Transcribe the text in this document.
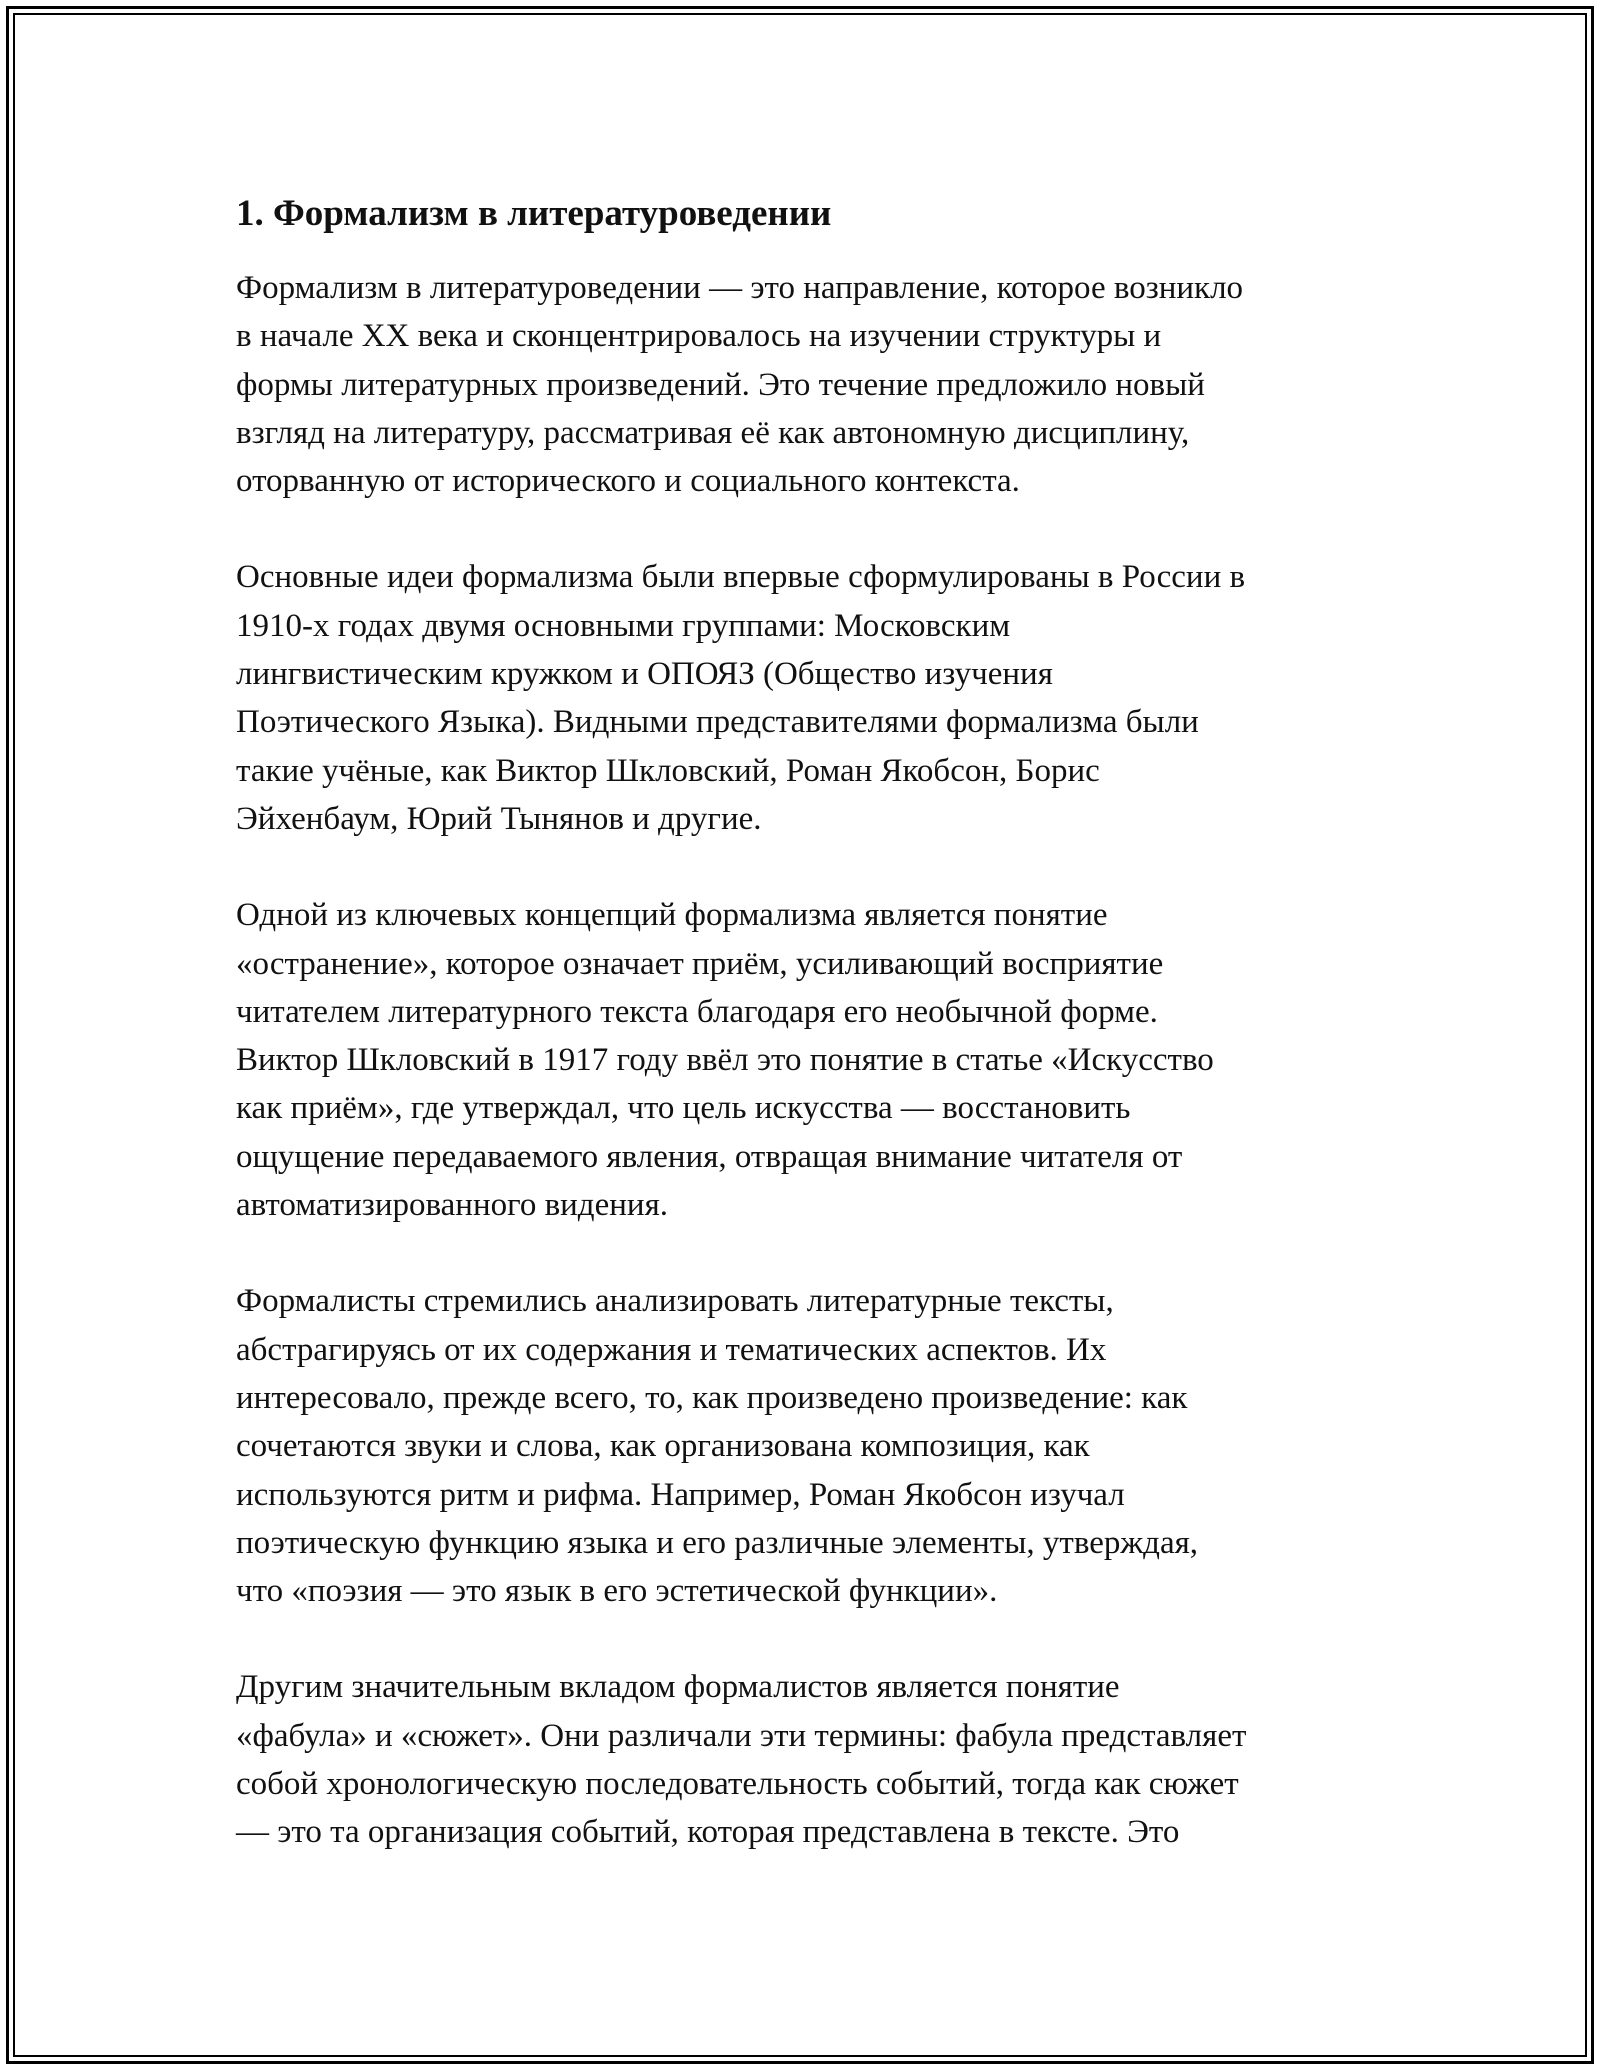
1. Формализм в литературоведении

Формализм в литературоведении — это направление, которое возникло
в начале XX века и сконцентрировалось на изучении структуры и
формы литературных произведений. Это течение предложило новый
взгляд на литературу, рассматривая её как автономную дисциплину,
оторванную от исторического и социального контекста.

Основные идеи формализма были впервые сформулированы в России в
1910-х годах двумя основными группами: Московским
лингвистическим кружком и ОПОЯЗ (Общество изучения
Поэтического Языка). Видными представителями формализма были
такие учёные, как Виктор Шкловский, Роман Якобсон, Борис
Эйхенбаум, Юрий Тынянов и другие.

Одной из ключевых концепций формализма является понятие
«остранение», которое означает приём, усиливающий восприятие
читателем литературного текста благодаря его необычной форме.
Виктор Шкловский в 1917 году ввёл это понятие в статье «Искусство
как приём», где утверждал, что цель искусства — восстановить
ощущение передаваемого явления, отвращая внимание читателя от
автоматизированного видения.

Формалисты стремились анализировать литературные тексты,
абстрагируясь от их содержания и тематических аспектов. Их
интересовало, прежде всего, то, как произведено произведение: как
сочетаются звуки и слова, как организована композиция, как
используются ритм и рифма. Например, Роман Якобсон изучал
поэтическую функцию языка и его различные элементы, утверждая,
что «поэзия — это язык в его эстетической функции».

Другим значительным вкладом формалистов является понятие
«фабула» и «сюжет». Они различали эти термины: фабула представляет
собой хронологическую последовательность событий, тогда как сюжет
— это та организация событий, которая представлена в тексте. Это
